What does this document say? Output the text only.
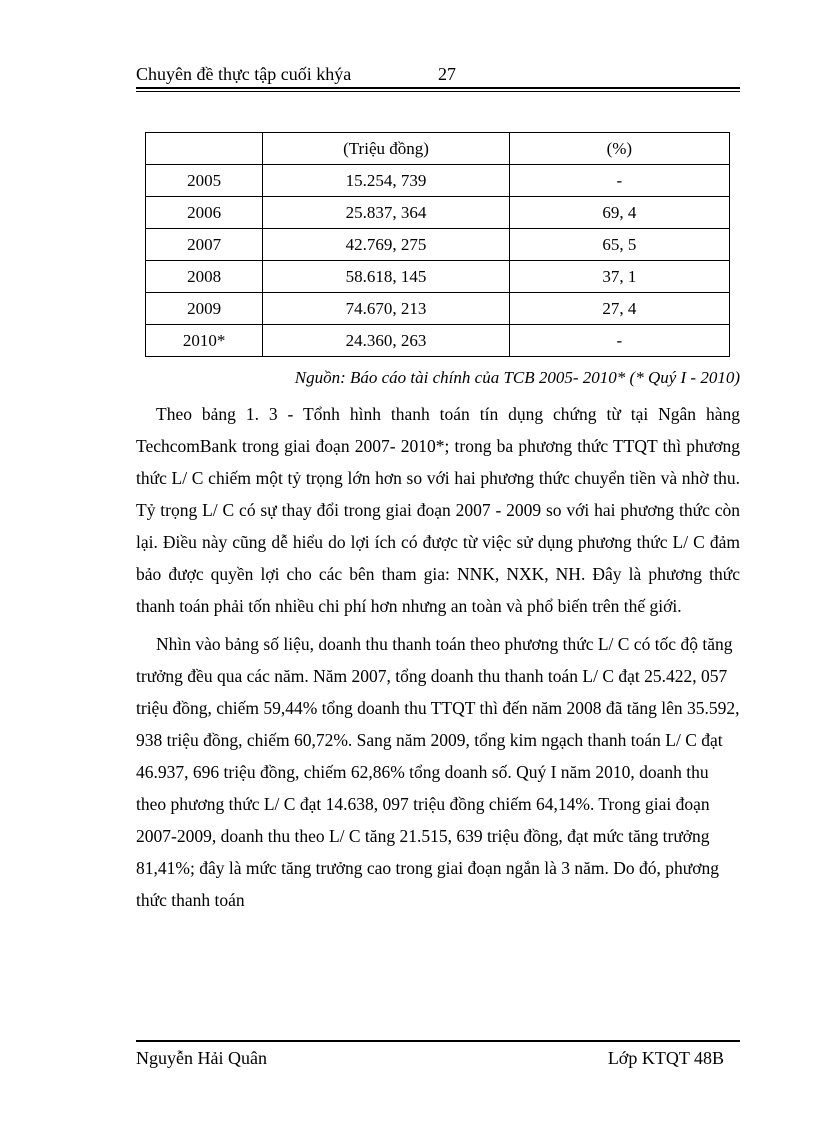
Chuyên đề thực tập cuối khýa	27
	(Triệu đồng)	(%)
2005	15.254, 739	-
2006	25.837, 364	69, 4
2007	42.769, 275	65, 5
2008	58.618, 145	37, 1
2009	74.670, 213	27, 4
2010*	24.360, 263	-
Nguồn: Báo cáo tài chính của TCB 2005- 2010* (* Quý I - 2010)

Theo bảng 1. 3 - Tổnh hình thanh toán tín dụng chứng từ tại Ngân hàng TechcomBank trong giai đoạn 2007- 2010*; trong ba phương thức TTQT thì phương thức L/ C chiếm một tỷ trọng lớn hơn so với hai phương thức chuyển tiền và nhờ thu. Tỷ trọng L/ C có sự thay đổi trong giai đoạn 2007 - 2009 so với hai phương thức còn lại. Điều này cũng dễ hiểu do lợi ích có được từ việc sử dụng phương thức L/ C đảm bảo được quyền lợi cho các bên tham gia: NNK, NXK, NH. Đây là phương thức thanh toán phải tốn nhiều chi phí hơn nhưng an toàn và phổ biến trên thế giới.

Nhìn vào bảng số liệu, doanh thu thanh toán theo phương thức L/ C có tốc độ tăng trưởng đều qua các năm. Năm 2007, tổng doanh thu thanh toán L/ C đạt 25.422, 057 triệu đồng, chiếm 59,44% tổng doanh thu TTQT thì đến năm 2008 đã tăng lên 35.592, 938 triệu đồng, chiếm 60,72%. Sang năm 2009, tổng kim ngạch thanh toán L/ C đạt 46.937, 696 triệu đồng, chiếm 62,86% tổng doanh số. Quý I năm 2010, doanh thu theo phương thức L/ C đạt 14.638, 097 triệu đồng chiếm 64,14%. Trong giai đoạn 2007-2009, doanh thu theo L/ C tăng 21.515, 639 triệu đồng, đạt mức tăng trưởng 81,41%; đây là mức tăng trưởng cao trong giai đoạn ngắn là 3 năm. Do đó, phương thức thanh toán

Nguyễn Hải Quân	Lớp KTQT 48B
